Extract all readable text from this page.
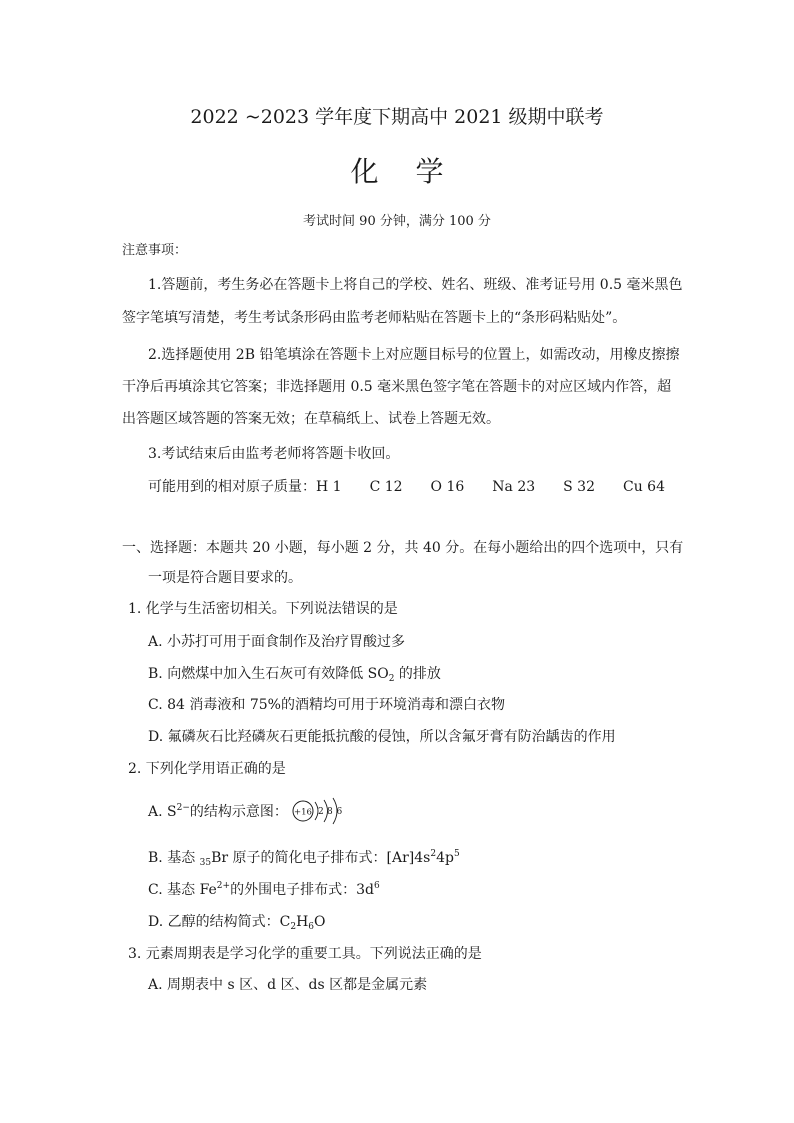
2022 ~2023 学年度下期高中 2021 级期中联考
化 学
考试时间 90 分钟，满分 100 分
注意事项：
1.答题前，考生务必在答题卡上将自己的学校、姓名、班级、准考证号用 0.5 毫米黑色
签字笔填写清楚，考生考试条形码由监考老师粘贴在答题卡上的“条形码粘贴处”。
2.选择题使用 2B 铅笔填涂在答题卡上对应题目标号的位置上，如需改动，用橡皮擦擦
干净后再填涂其它答案；非选择题用 0.5 毫米黑色签字笔在答题卡的对应区域内作答，超
出答题区域答题的答案无效；在草稿纸上、试卷上答题无效。
3.考试结束后由监考老师将答题卡收回。
可能用到的相对原子质量：H 1　　C 12　　O 16　　Na 23　　S 32　　Cu 64
一、选择题：本题共 20 小题，每小题 2 分，共 40 分。在每小题给出的四个选项中，只有
一项是符合题目要求的。
1. 化学与生活密切相关。下列说法错误的是
A. 小苏打可用于面食制作及治疗胃酸过多
B. 向燃煤中加入生石灰可有效降低 $SO_2$ 的排放
C. 84 消毒液和 75%的酒精均可用于环境消毒和漂白衣物
D. 氟磷灰石比羟磷灰石更能抵抗酸的侵蚀，所以含氟牙膏有防治龋齿的作用
2. 下列化学用语正确的是
A. $S^{2-}$的结构示意图： +16 2 8 6
B. 基态 $_{35}$Br 原子的简化电子排布式：$[Ar]4s^24p^5$
C. 基态 $Fe^{2+}$的外围电子排布式：$3d^6$
D. 乙醇的结构简式：$C_2H_6O$
3. 元素周期表是学习化学的重要工具。下列说法正确的是
A. 周期表中 s 区、d 区、ds 区都是金属元素
